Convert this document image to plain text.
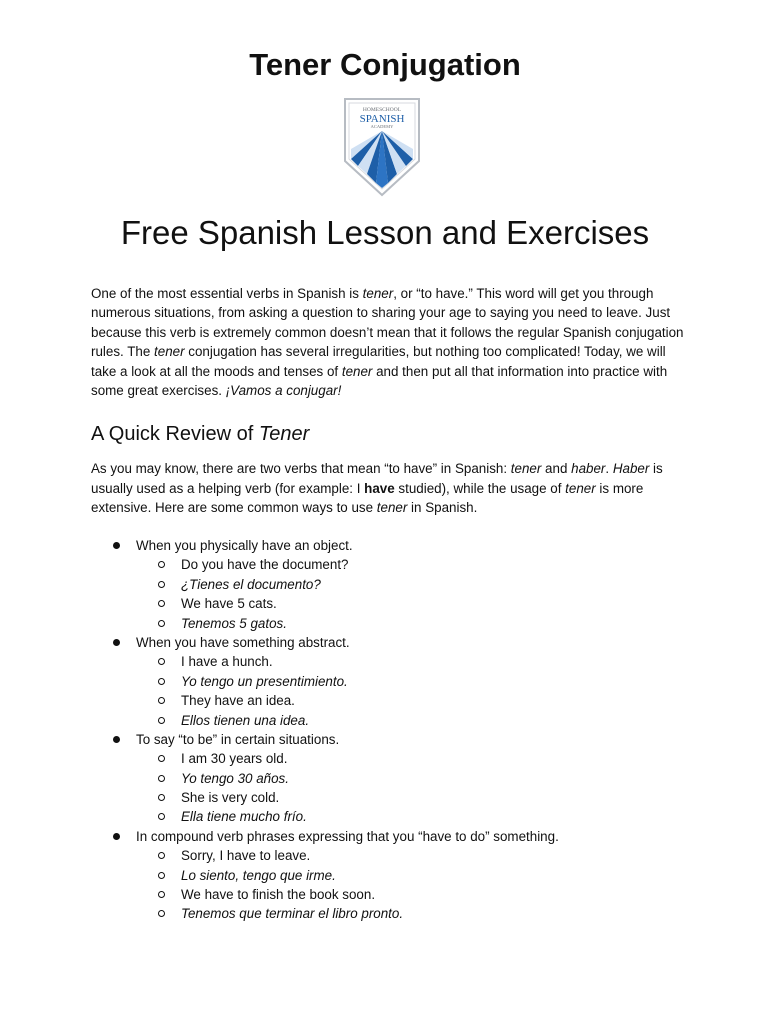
Tener Conjugation
HOMESCHOOL
SPANISH
ACADEMY
Free Spanish Lesson and Exercises

One of the most essential verbs in Spanish is tener, or “to have.” This word will get you through numerous situations, from asking a question to sharing your age to saying you need to leave. Just because this verb is extremely common doesn’t mean that it follows the regular Spanish conjugation rules. The tener conjugation has several irregularities, but nothing too complicated! Today, we will take a look at all the moods and tenses of tener and then put all that information into practice with some great exercises. ¡Vamos a conjugar!

A Quick Review of Tener

As you may know, there are two verbs that mean “to have” in Spanish: tener and haber. Haber is usually used as a helping verb (for example: I have studied), while the usage of tener is more extensive. Here are some common ways to use tener in Spanish.

When you physically have an object.
Do you have the document?
¿Tienes el documento?
We have 5 cats.
Tenemos 5 gatos.
When you have something abstract.
I have a hunch.
Yo tengo un presentimiento.
They have an idea.
Ellos tienen una idea.
To say “to be” in certain situations.
I am 30 years old.
Yo tengo 30 años.
She is very cold.
Ella tiene mucho frío.
In compound verb phrases expressing that you “have to do” something.
Sorry, I have to leave.
Lo siento, tengo que irme.
We have to finish the book soon.
Tenemos que terminar el libro pronto.
